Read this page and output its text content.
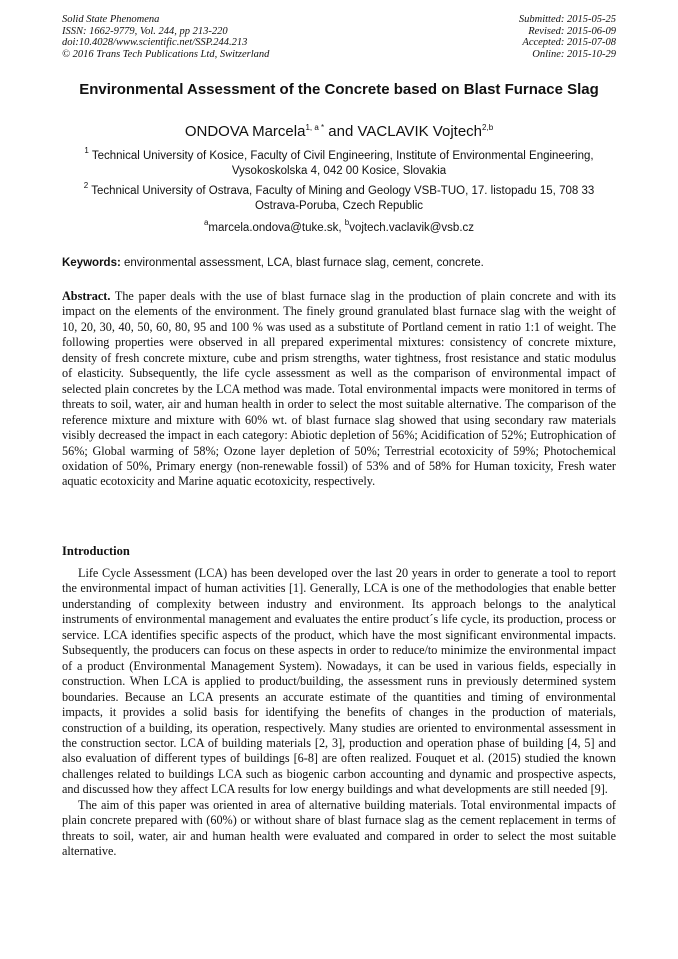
Solid State Phenomena
ISSN: 1662-9779, Vol. 244, pp 213-220
doi:10.4028/www.scientific.net/SSP.244.213
© 2016 Trans Tech Publications Ltd, Switzerland
Submitted: 2015-05-25
Revised: 2015-06-09
Accepted: 2015-07-08
Online: 2015-10-29
Environmental Assessment of the Concrete based on Blast Furnace Slag
ONDOVA Marcela$^{1, a *}$ and VACLAVIK Vojtech$^{2,b}$
$^1$ Technical University of Kosice, Faculty of Civil Engineering, Institute of Environmental Engineering, Vysokoskolska 4, 042 00 Kosice, Slovakia
$^2$ Technical University of Ostrava, Faculty of Mining and Geology VSB-TUO, 17. listopadu 15, 708 33 Ostrava-Poruba, Czech Republic
$^a$marcela.ondova@tuke.sk, $^b$vojtech.vaclavik@vsb.cz
Keywords: environmental assessment, LCA, blast furnace slag, cement, concrete.

Abstract. The paper deals with the use of blast furnace slag in the production of plain concrete and with its impact on the elements of the environment. The finely ground granulated blast furnace slag with the weight of 10, 20, 30, 40, 50, 60, 80, 95 and 100 % was used as a substitute of Portland cement in ratio 1:1 of weight. The following properties were observed in all prepared experimental mixtures: consistency of concrete mixture, density of fresh concrete mixture, cube and prism strengths, water tightness, frost resistance and static modulus of elasticity. Subsequently, the life cycle assessment as well as the comparison of environmental impact of selected plain concretes by the LCA method was made. Total environmental impacts were monitored in terms of threats to soil, water, air and human health in order to select the most suitable alternative. The comparison of the reference mixture and mixture with 60% wt. of blast furnace slag showed that using secondary raw materials visibly decreased the impact in each category: Abiotic depletion of 56%; Acidification of 52%; Eutrophication of 56%; Global warming of 58%; Ozone layer depletion of 50%; Terrestrial ecotoxicity of 59%; Photochemical oxidation of 50%, Primary energy (non-renewable fossil) of 53% and of 58% for Human toxicity, Fresh water aquatic ecotoxicity and Marine aquatic ecotoxicity, respectively.

Introduction

Life Cycle Assessment (LCA) has been developed over the last 20 years in order to generate a tool to report the environmental impact of human activities [1]. Generally, LCA is one of the methodologies that enable better understanding of complexity between industry and environment. Its approach belongs to the analytical instruments of environmental management and evaluates the entire product´s life cycle, its production, process or service. LCA identifies specific aspects of the product, which have the most significant environmental impacts. Subsequently, the producers can focus on these aspects in order to reduce/to minimize the environmental impact of a product (Environmental Management System). Nowadays, it can be used in various fields, especially in construction. When LCA is applied to product/building, the assessment runs in previously determined system boundaries. Because an LCA presents an accurate estimate of the quantities and timing of environmental impacts, it provides a solid basis for identifying the benefits of changes in the production of materials, construction of a building, its operation, respectively. Many studies are oriented to environmental assessment in the construction sector. LCA of building materials [2, 3], production and operation phase of building [4, 5] and also evaluation of different types of buildings [6-8] are often realized. Fouquet et al. (2015) studied the known challenges related to buildings LCA such as biogenic carbon accounting and dynamic and prospective aspects, and discussed how they affect LCA results for low energy buildings and what developments are still needed [9].

The aim of this paper was oriented in area of alternative building materials. Total environmental impacts of plain concrete prepared with (60%) or without share of blast furnace slag as the cement replacement in terms of threats to soil, water, air and human health were evaluated and compared in order to select the most suitable alternative.
